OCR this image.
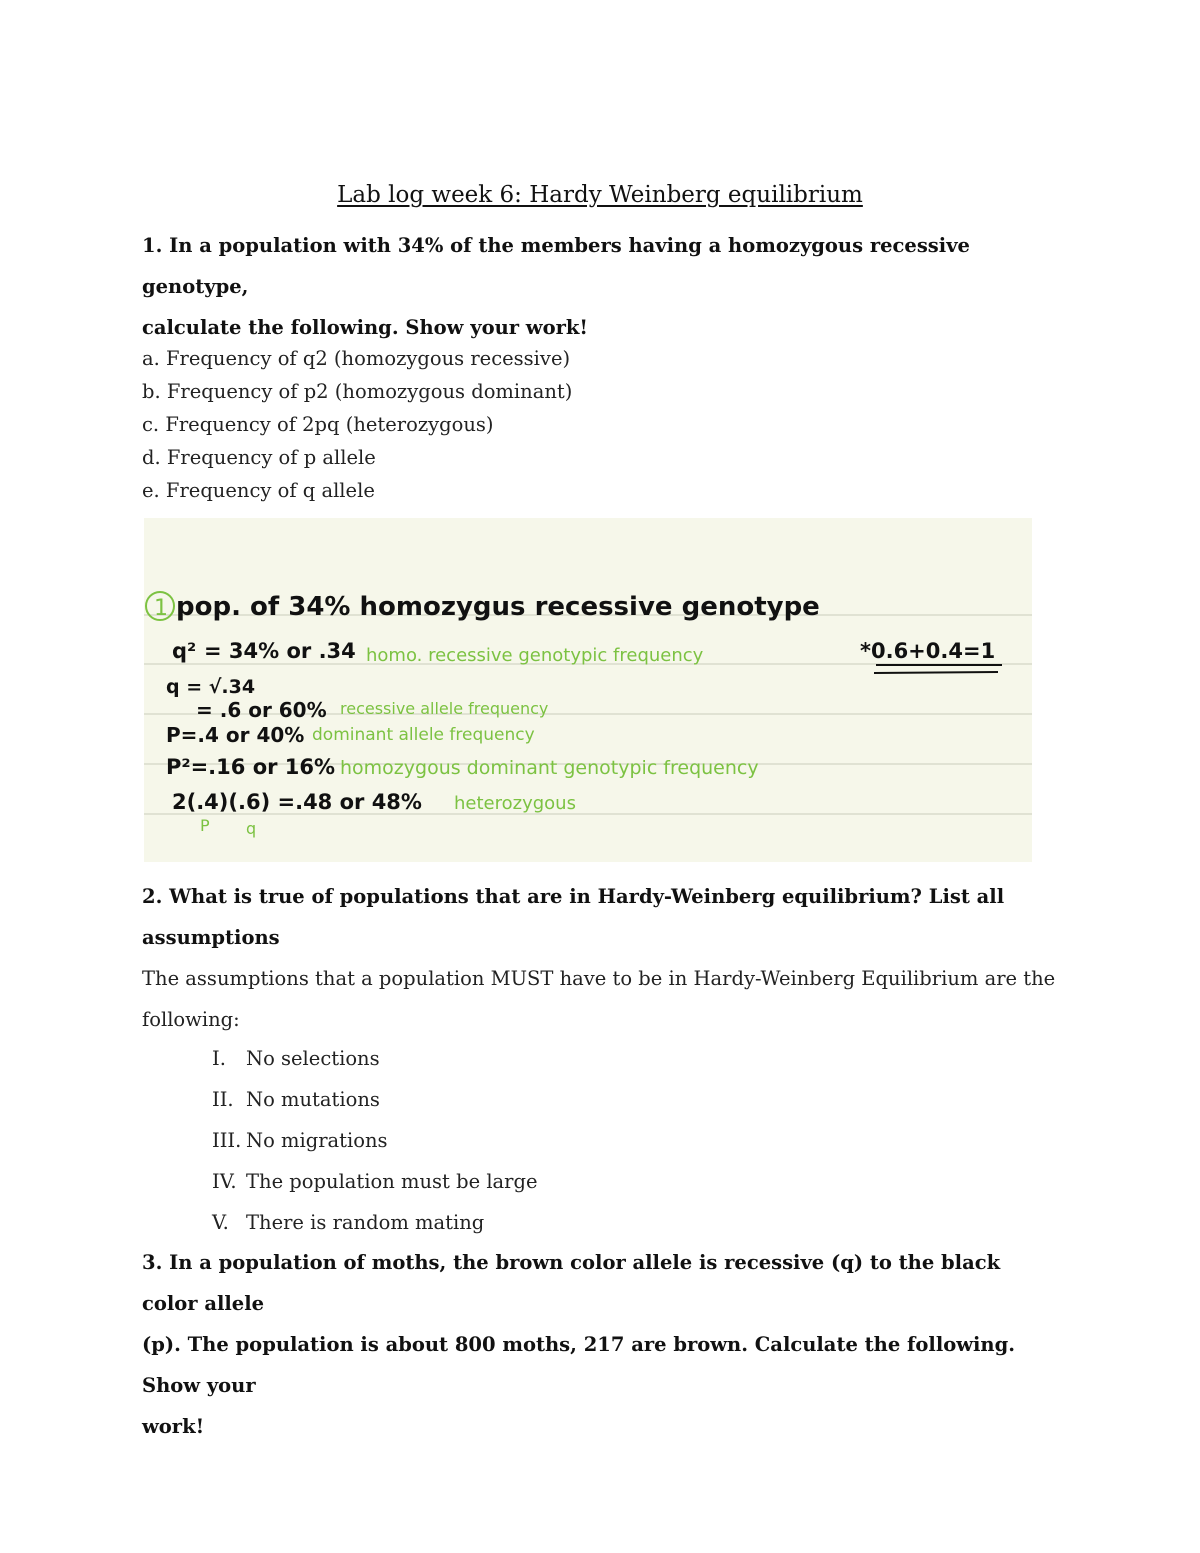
Lab log week 6: Hardy Weinberg equilibrium
1. In a population with 34% of the members having a homozygous recessive genotype,
calculate the following. Show your work!
a. Frequency of q2 (homozygous recessive)
b. Frequency of p2 (homozygous dominant)
c. Frequency of 2pq (heterozygous)
d. Frequency of p allele
e. Frequency of q allele
1 pop. of 34% homozygus recessive genotype
q² = 34% or .34 homo. recessive genotypic frequency	*0.6+0.4=1
q = √.34
= .6 or 60% recessive allele frequency
P=.4 or 40% dominant allele frequency
P²=.16 or 16% homozygous dominant genotypic frequency
2(.4)(.6) =.48 or 48% heterozygous
P q
2. What is true of populations that are in Hardy-Weinberg equilibrium? List all
assumptions
The assumptions that a population MUST have to be in Hardy-Weinberg Equilibrium are the
following:
I.	No selections
II. No mutations
III. No migrations
IV. The population must be large
V. There is random mating
3. In a population of moths, the brown color allele is recessive (q) to the black color allele
(p). The population is about 800 moths, 217 are brown. Calculate the following. Show your
work!
